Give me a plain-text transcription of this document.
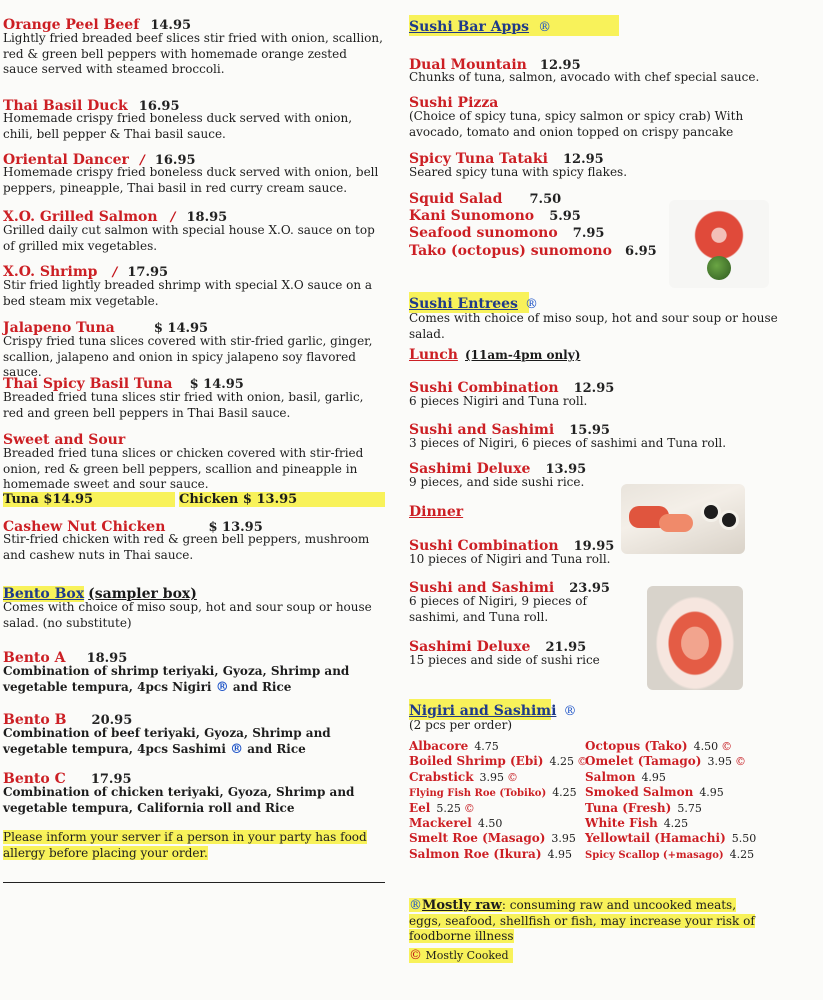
Orange Peel Beef 14.95
Lightly fried breaded beef slices stir fried with onion, scallion, red & green bell peppers with homemade orange zested sauce served with steamed broccoli.
Thai Basil Duck 16.95
Homemade crispy fried boneless duck served with onion, chili, bell pepper & Thai basil sauce.
Oriental Dancer / 16.95
Homemade crispy fried boneless duck served with onion, bell peppers, pineapple, Thai basil in red curry cream sauce.
X.O. Grilled Salmon / 18.95
Grilled daily cut salmon with special house X.O. sauce on top of grilled mix vegetables.
X.O. Shrimp / 17.95
Stir fried lightly breaded shrimp with special X.O sauce on a bed steam mix vegetable.
Jalapeno Tuna	$ 14.95
Crispy fried tuna slices covered with stir-fried garlic, ginger, scallion, jalapeno and onion in spicy jalapeno soy flavored sauce.
Thai Spicy Basil Tuna $ 14.95
Breaded fried tuna slices stir fried with onion, basil, garlic, red and green bell peppers in Thai Basil sauce.
Sweet and Sour
Breaded fried tuna slices or chicken covered with stir-fried onion, red & green bell peppers, scallion and pineapple in homemade sweet and sour sauce.
Tuna $14.95	Chicken $ 13.95
Cashew Nut Chicken	$ 13.95
Stir-fried chicken with red & green bell peppers, mushroom and cashew nuts in Thai sauce.
Bento Box (sampler box)
Comes with choice of miso soup, hot and sour soup or house salad. (no substitute)
Bento A 18.95
Combination of shrimp teriyaki, Gyoza, Shrimp and vegetable tempura, 4pcs Nigiri ® and Rice
Bento B 20.95
Combination of beef teriyaki, Gyoza, Shrimp and vegetable tempura, 4pcs Sashimi ® and Rice
Bento C 17.95
Combination of chicken teriyaki, Gyoza, Shrimp and vegetable tempura, California roll and Rice
Please inform your server if a person in your party has food allergy before placing your order.
Sushi Bar Apps ®
Dual Mountain 12.95
Chunks of tuna, salmon, avocado with chef special sauce.
Sushi Pizza
(Choice of spicy tuna, spicy salmon or spicy crab) With avocado, tomato and onion topped on crispy pancake
Spicy Tuna Tataki 12.95
Seared spicy tuna with spicy flakes.
Squid Salad 7.50
Kani Sunomono 5.95
Seafood sunomono 7.95
Tako (octopus) sunomono 6.95
Sushi Entrees ®
Comes with choice of miso soup, hot and sour soup or house salad.
Lunch (11am-4pm only)
Sushi Combination 12.95
6 pieces Nigiri and Tuna roll.
Sushi and Sashimi 15.95
3 pieces of Nigiri, 6 pieces of sashimi and Tuna roll.
Sashimi Deluxe 13.95
9 pieces, and side sushi rice.
Dinner
Sushi Combination 19.95
10 pieces of Nigiri and Tuna roll.
Sushi and Sashimi 23.95
6 pieces of Nigiri, 9 pieces of sashimi, and Tuna roll.
Sashimi Deluxe 21.95
15 pieces and side of sushi rice
Nigiri and Sashimi ®
(2 pcs per order)
Albacore 4.75
Boiled Shrimp (Ebi) 4.25 ©
Crabstick 3.95 ©
Flying Fish Roe (Tobiko) 4.25
Eel 5.25 ©
Mackerel 4.50
Smelt Roe (Masago) 3.95
Salmon Roe (Ikura) 4.95
Octopus (Tako) 4.50 ©
Omelet (Tamago) 3.95 ©
Salmon 4.95
Smoked Salmon 4.95
Tuna (Fresh) 5.75
White Fish 4.25
Yellowtail (Hamachi) 5.50
Spicy Scallop (+masago) 4.25
®Mostly raw: consuming raw and uncooked meats, eggs, seafood, shellfish or fish, may increase your risk of foodborne illness
© Mostly Cooked
